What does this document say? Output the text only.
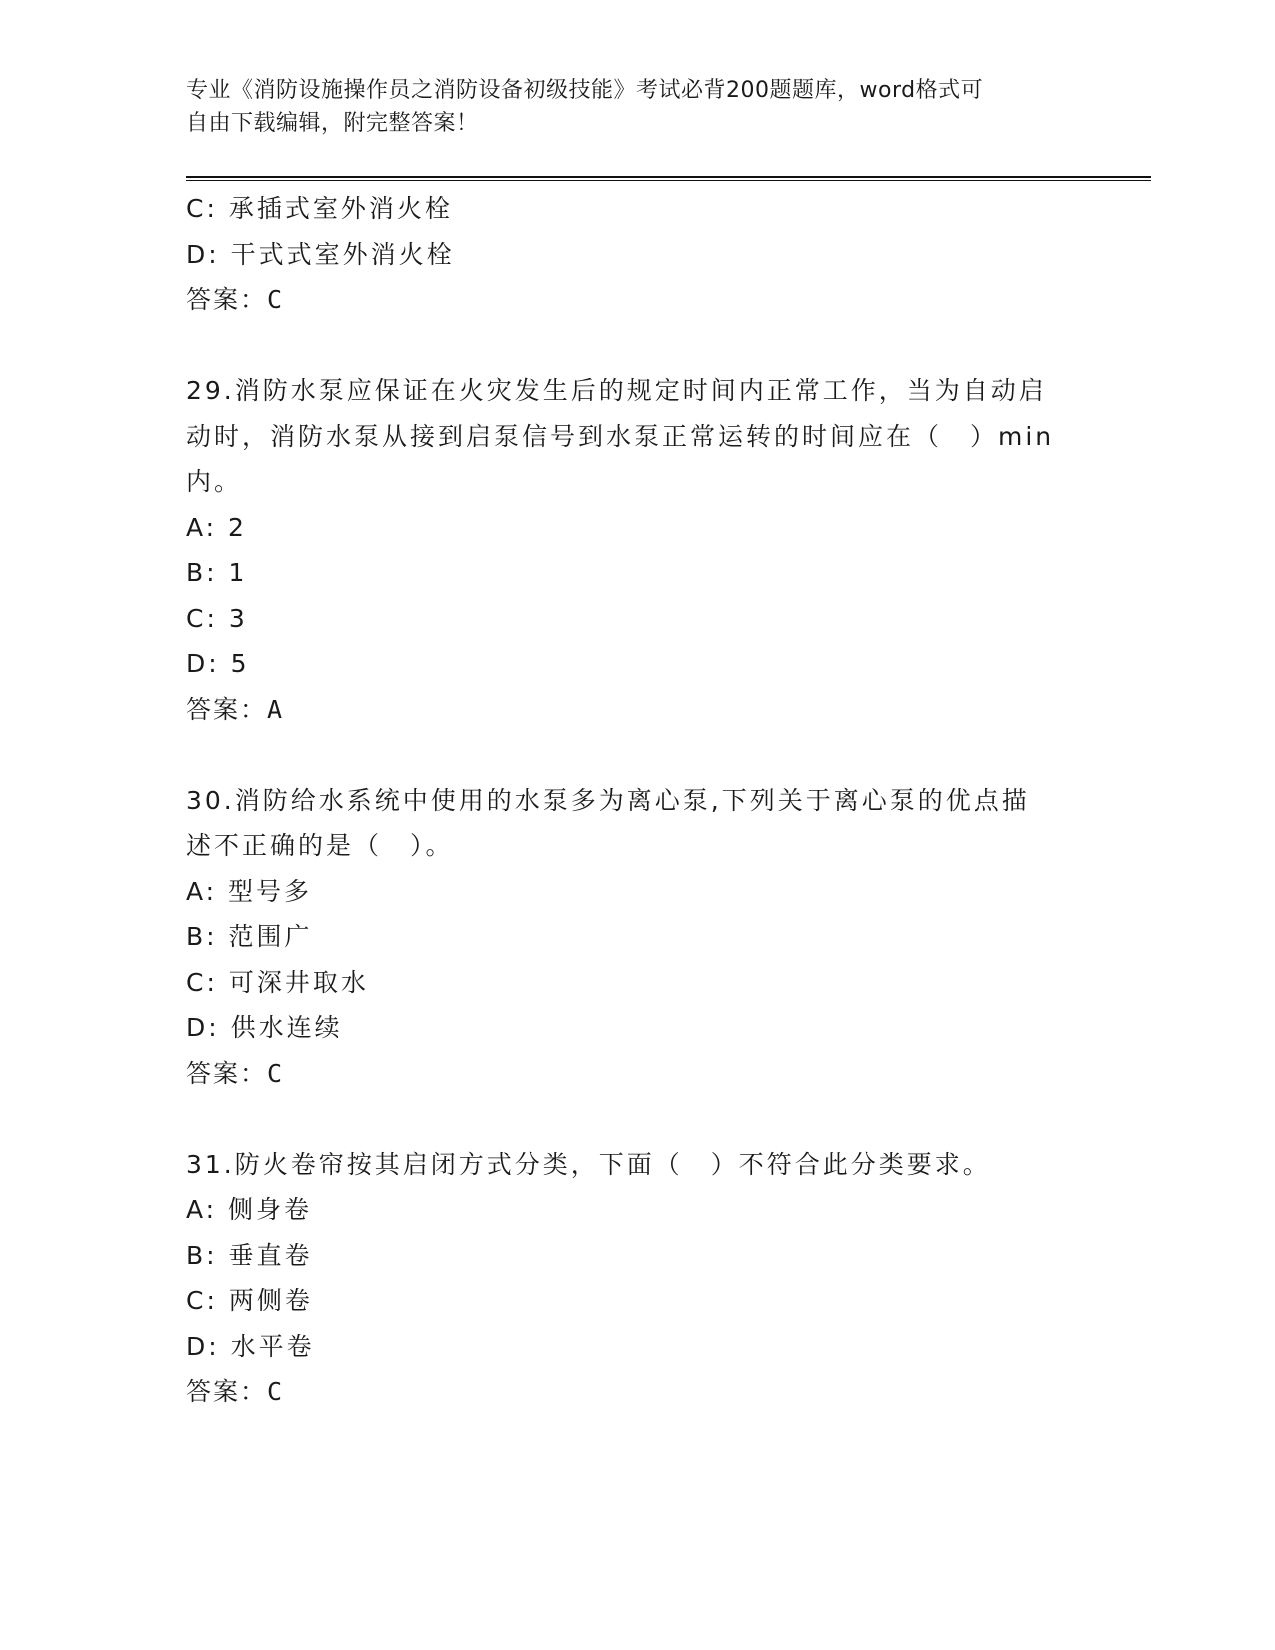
专业《消防设施操作员之消防设备初级技能》考试必背200题题库，word格式可
自由下载编辑，附完整答案！
C: 承插式室外消火栓
D: 干式式室外消火栓
答案：C
29.消防水泵应保证在火灾发生后的规定时间内正常工作，当为自动启
动时，消防水泵从接到启泵信号到水泵正常运转的时间应在（　）min
内。
A: 2
B: 1
C: 3
D: 5
答案：A
30.消防给水系统中使用的水泵多为离心泵,下列关于离心泵的优点描
述不正确的是（　）。
A: 型号多
B: 范围广
C: 可深井取水
D: 供水连续
答案：C
31.防火卷帘按其启闭方式分类，下面（　）不符合此分类要求。
A: 侧身卷
B: 垂直卷
C: 两侧卷
D: 水平卷
答案：C
